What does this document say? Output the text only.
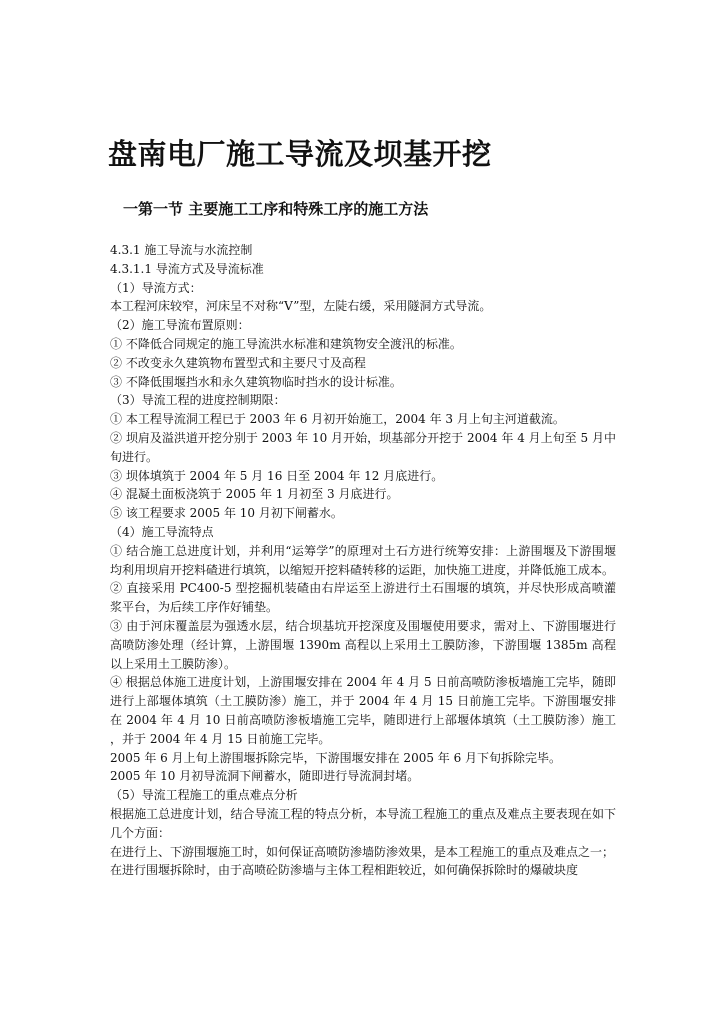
盘南电厂施工导流及坝基开挖
一第一节 主要施工工序和特殊工序的施工方法

4.3.1 施工导流与水流控制

4.3.1.1 导流方式及导流标准

（1）导流方式：

本工程河床较窄，河床呈不对称“V”型，左陡右缓，采用隧洞方式导流。

（2）施工导流布置原则：

① 不降低合同规定的施工导流洪水标准和建筑物安全渡汛的标准。

② 不改变永久建筑物布置型式和主要尺寸及高程

③ 不降低围堰挡水和永久建筑物临时挡水的设计标准。

（3）导流工程的进度控制期限：

① 本工程导流洞工程已于 2003 年 6 月初开始施工，2004 年 3 月上旬主河道截流。

② 坝肩及溢洪道开挖分别于 2003 年 10 月开始，坝基部分开挖于 2004 年 4 月上旬至 5 月中旬进行。

③ 坝体填筑于 2004 年 5 月 16 日至 2004 年 12 月底进行。

④ 混凝土面板浇筑于 2005 年 1 月初至 3 月底进行。

⑤ 该工程要求 2005 年 10 月初下闸蓄水。

（4）施工导流特点

① 结合施工总进度计划，并利用“运筹学”的原理对土石方进行统筹安排：上游围堰及下游围堰均利用坝肩开挖料碴进行填筑，以缩短开挖料碴转移的运距，加快施工进度，并降低施工成本。

② 直接采用 PC400-5 型挖掘机装碴由右岸运至上游进行土石围堰的填筑，并尽快形成高喷灌浆平台，为后续工序作好铺垫。

③ 由于河床覆盖层为强透水层，结合坝基坑开挖深度及围堰使用要求，需对上、下游围堰进行高喷防渗处理（经计算，上游围堰 1390m 高程以上采用土工膜防渗，下游围堰 1385m 高程以上采用土工膜防渗）。

④ 根据总体施工进度计划，上游围堰安排在 2004 年 4 月 5 日前高喷防渗板墙施工完毕，随即进行上部堰体填筑（土工膜防渗）施工，并于 2004 年 4 月 15 日前施工完毕。下游围堰安排在 2004 年 4 月 10 日前高喷防渗板墙施工完毕，随即进行上部堰体填筑（土工膜防渗）施工，并于 2004 年 4 月 15 日前施工完毕。

2005 年 6 月上旬上游围堰拆除完毕，下游围堰安排在 2005 年 6 月下旬拆除完毕。

2005 年 10 月初导流洞下闸蓄水，随即进行导流洞封堵。

（5）导流工程施工的重点难点分析

根据施工总进度计划，结合导流工程的特点分析，本导流工程施工的重点及难点主要表现在如下几个方面：

在进行上、下游围堰施工时，如何保证高喷防渗墙防渗效果，是本工程施工的重点及难点之一；

在进行围堰拆除时，由于高喷砼防渗墙与主体工程相距较近，如何确保拆除时的爆破块度
